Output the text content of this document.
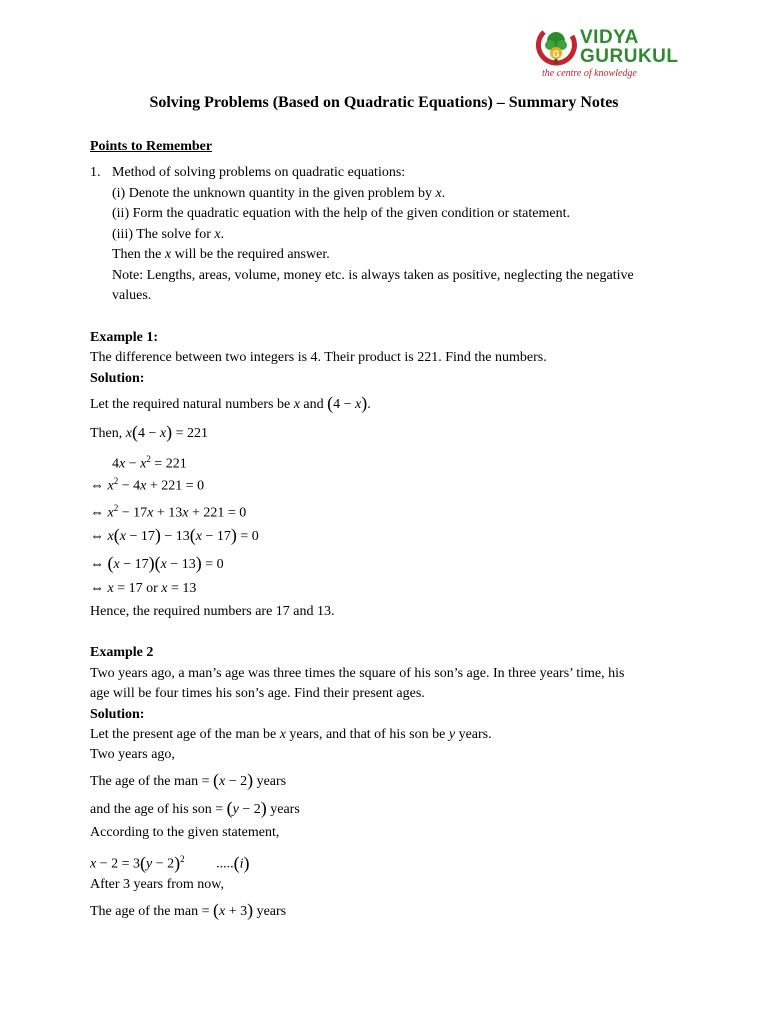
G
VIDYA
GURUKUL
the centre of knowledge
Solving Problems (Based on Quadratic Equations) – Summary Notes
Points to Remember
1. Method of solving problems on quadratic equations:
(i) Denote the unknown quantity in the given problem by x.
(ii) Form the quadratic equation with the help of the given condition or statement.
(iii) The solve for x.
Then the x will be the required answer.
Note: Lengths, areas, volume, money etc. is always taken as positive, neglecting the negative
values.
Example 1:
The difference between two integers is 4. Their product is 221. Find the numbers.
Solution:
Let the required natural numbers be x and (4 − x).
Then, x(4 − x) = 221
$4x - x^2 = 221$
⇔ $x^2 - 4x + 221 = 0$
⇔ $x^2 - 17x + 13x + 221 = 0$
⇔ x(x − 17) − 13(x − 17) = 0
⇔ (x − 17)(x − 13) = 0
⇔ x = 17 or x = 13
Hence, the required numbers are 17 and 13.
Example 2
Two years ago, a man’s age was three times the square of his son’s age. In three years’ time, his
age will be four times his son’s age. Find their present ages.
Solution:
Let the present age of the man be x years, and that of his son be y years.
Two years ago,
The age of the man = (x − 2) years
and the age of his son = (y − 2) years
According to the given statement,
$x - 2 = 3(y - 2)^2$ .....(i)
After 3 years from now,
The age of the man = (x + 3) years
